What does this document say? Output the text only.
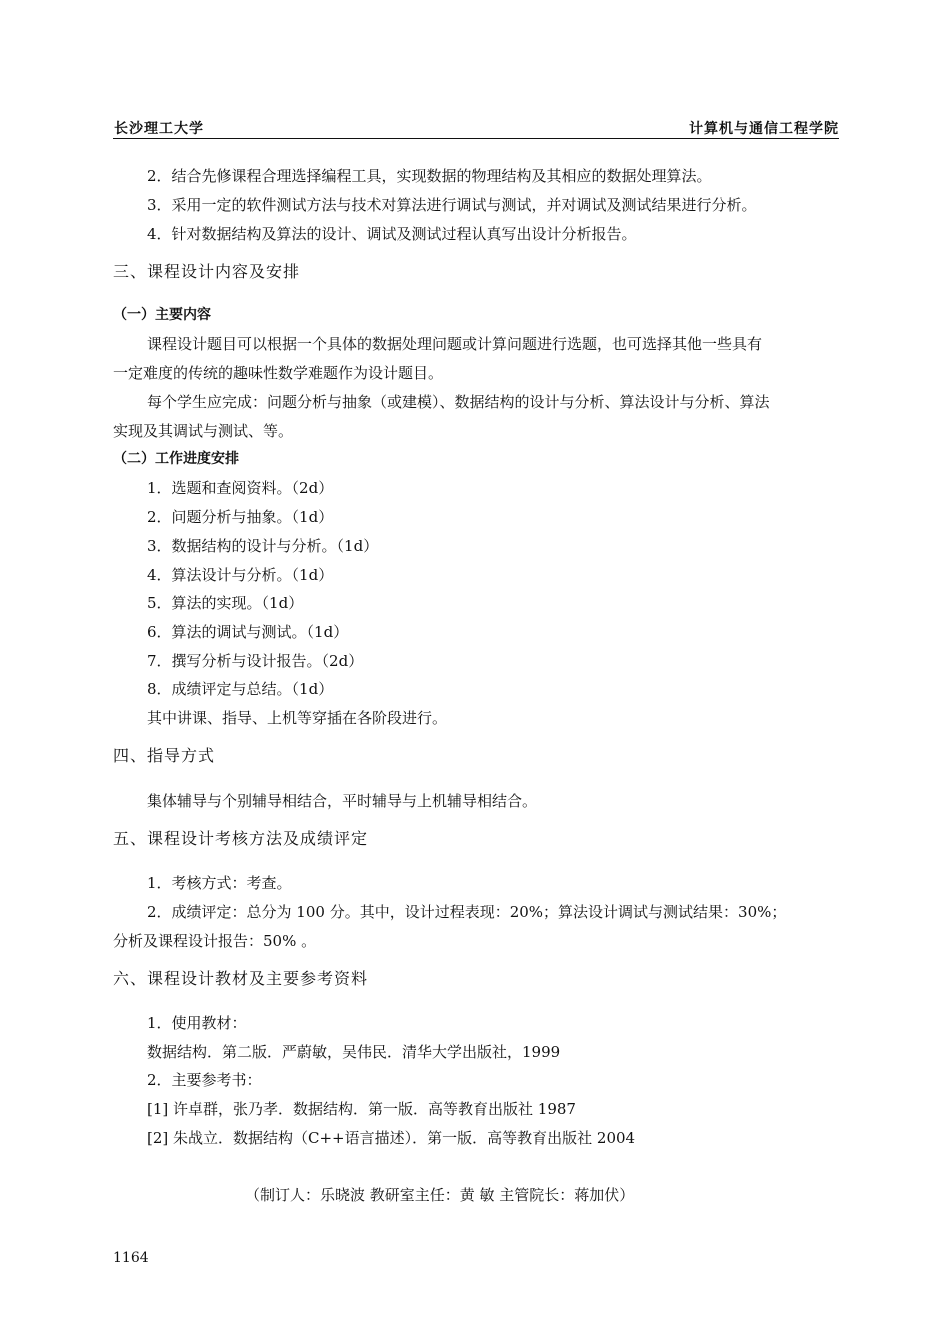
长沙理工大学	计算机与通信工程学院
2．结合先修课程合理选择编程工具，实现数据的物理结构及其相应的数据处理算法。
3．采用一定的软件测试方法与技术对算法进行调试与测试，并对调试及测试结果进行分析。
4．针对数据结构及算法的设计、调试及测试过程认真写出设计分析报告。
三、课程设计内容及安排
（一）主要内容
课程设计题目可以根据一个具体的数据处理问题或计算问题进行选题，也可选择其他一些具有
一定难度的传统的趣味性数学难题作为设计题目。
每个学生应完成：问题分析与抽象（或建模）、数据结构的设计与分析、算法设计与分析、算法
实现及其调试与测试、等。
（二）工作进度安排
1．选题和查阅资料。（2d）
2．问题分析与抽象。（1d）
3．数据结构的设计与分析。（1d）
4．算法设计与分析。（1d）
5．算法的实现。（1d）
6．算法的调试与测试。（1d）
7．撰写分析与设计报告。（2d）
8．成绩评定与总结。（1d）
其中讲课、指导、上机等穿插在各阶段进行。
四、指导方式
集体辅导与个别辅导相结合，平时辅导与上机辅导相结合。
五、课程设计考核方法及成绩评定
1．考核方式：考查。
2．成绩评定：总分为 100 分。其中，设计过程表现：20%；算法设计调试与测试结果：30%；
分析及课程设计报告：50% 。
六、课程设计教材及主要参考资料
1．使用教材：
数据结构．第二版．严蔚敏，吴伟民．清华大学出版社，1999
2．主要参考书：
[1] 许卓群，张乃孝．数据结构．第一版．高等教育出版社 1987
[2] 朱战立．数据结构（C++语言描述）．第一版．高等教育出版社 2004
（制订人：乐晓波 教研室主任：黄 敏 主管院长：蒋加伏）
1164
